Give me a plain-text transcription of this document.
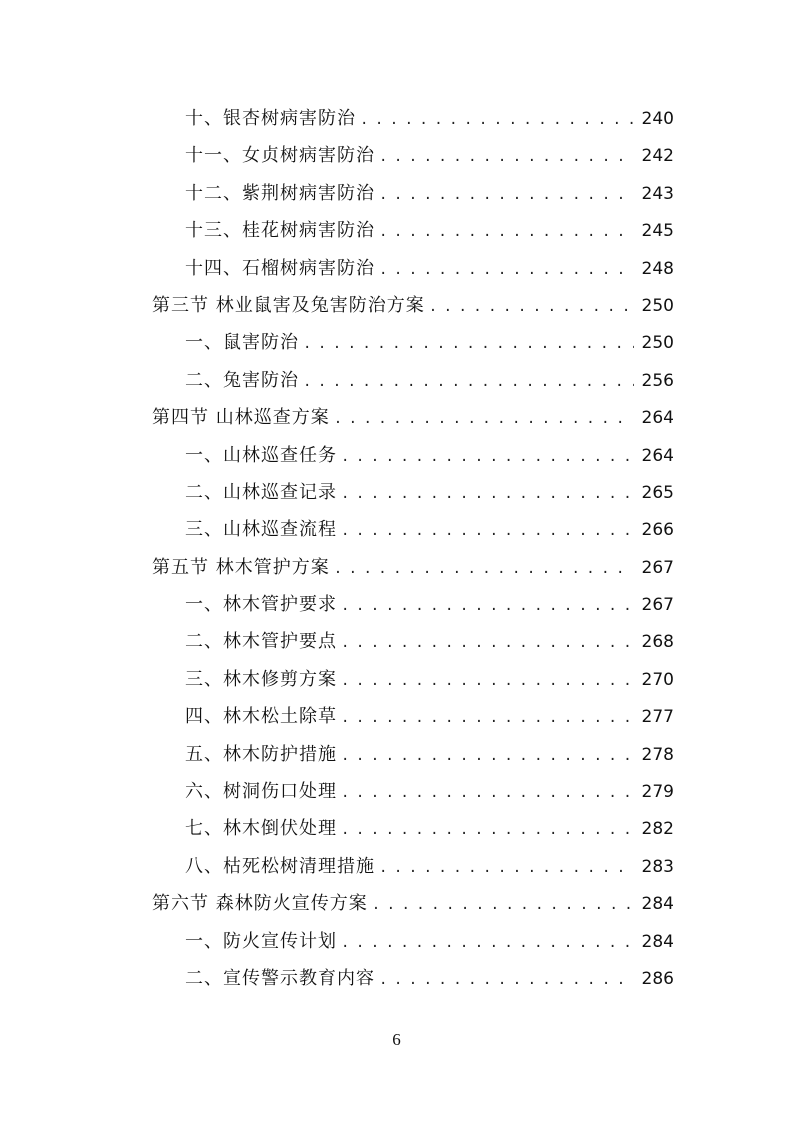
十、银杏树病害防治 . . .	240
十一、女贞树病害防治 . . .	242
十二、紫荆树病害防治 . . .	243
十三、桂花树病害防治 . . .	245
十四、石榴树病害防治 . . .	248
第三节 林业鼠害及兔害防治方案 . . .	250
一、鼠害防治 . . .	250
二、兔害防治 . . .	256
第四节 山林巡查方案 . . .	264
一、山林巡查任务 . . .	264
二、山林巡查记录 . . .	265
三、山林巡查流程 . . .	266
第五节 林木管护方案 . . .	267
一、林木管护要求 . . .	267
二、林木管护要点 . . .	268
三、林木修剪方案 . . .	270
四、林木松土除草 . . .	277
五、林木防护措施 . . .	278
六、树洞伤口处理 . . .	279
七、林木倒伏处理 . . .	282
八、枯死松树清理措施 . . .	283
第六节 森林防火宣传方案 . . .	284
一、防火宣传计划 . . .	284
二、宣传警示教育内容 . . .	286
6
